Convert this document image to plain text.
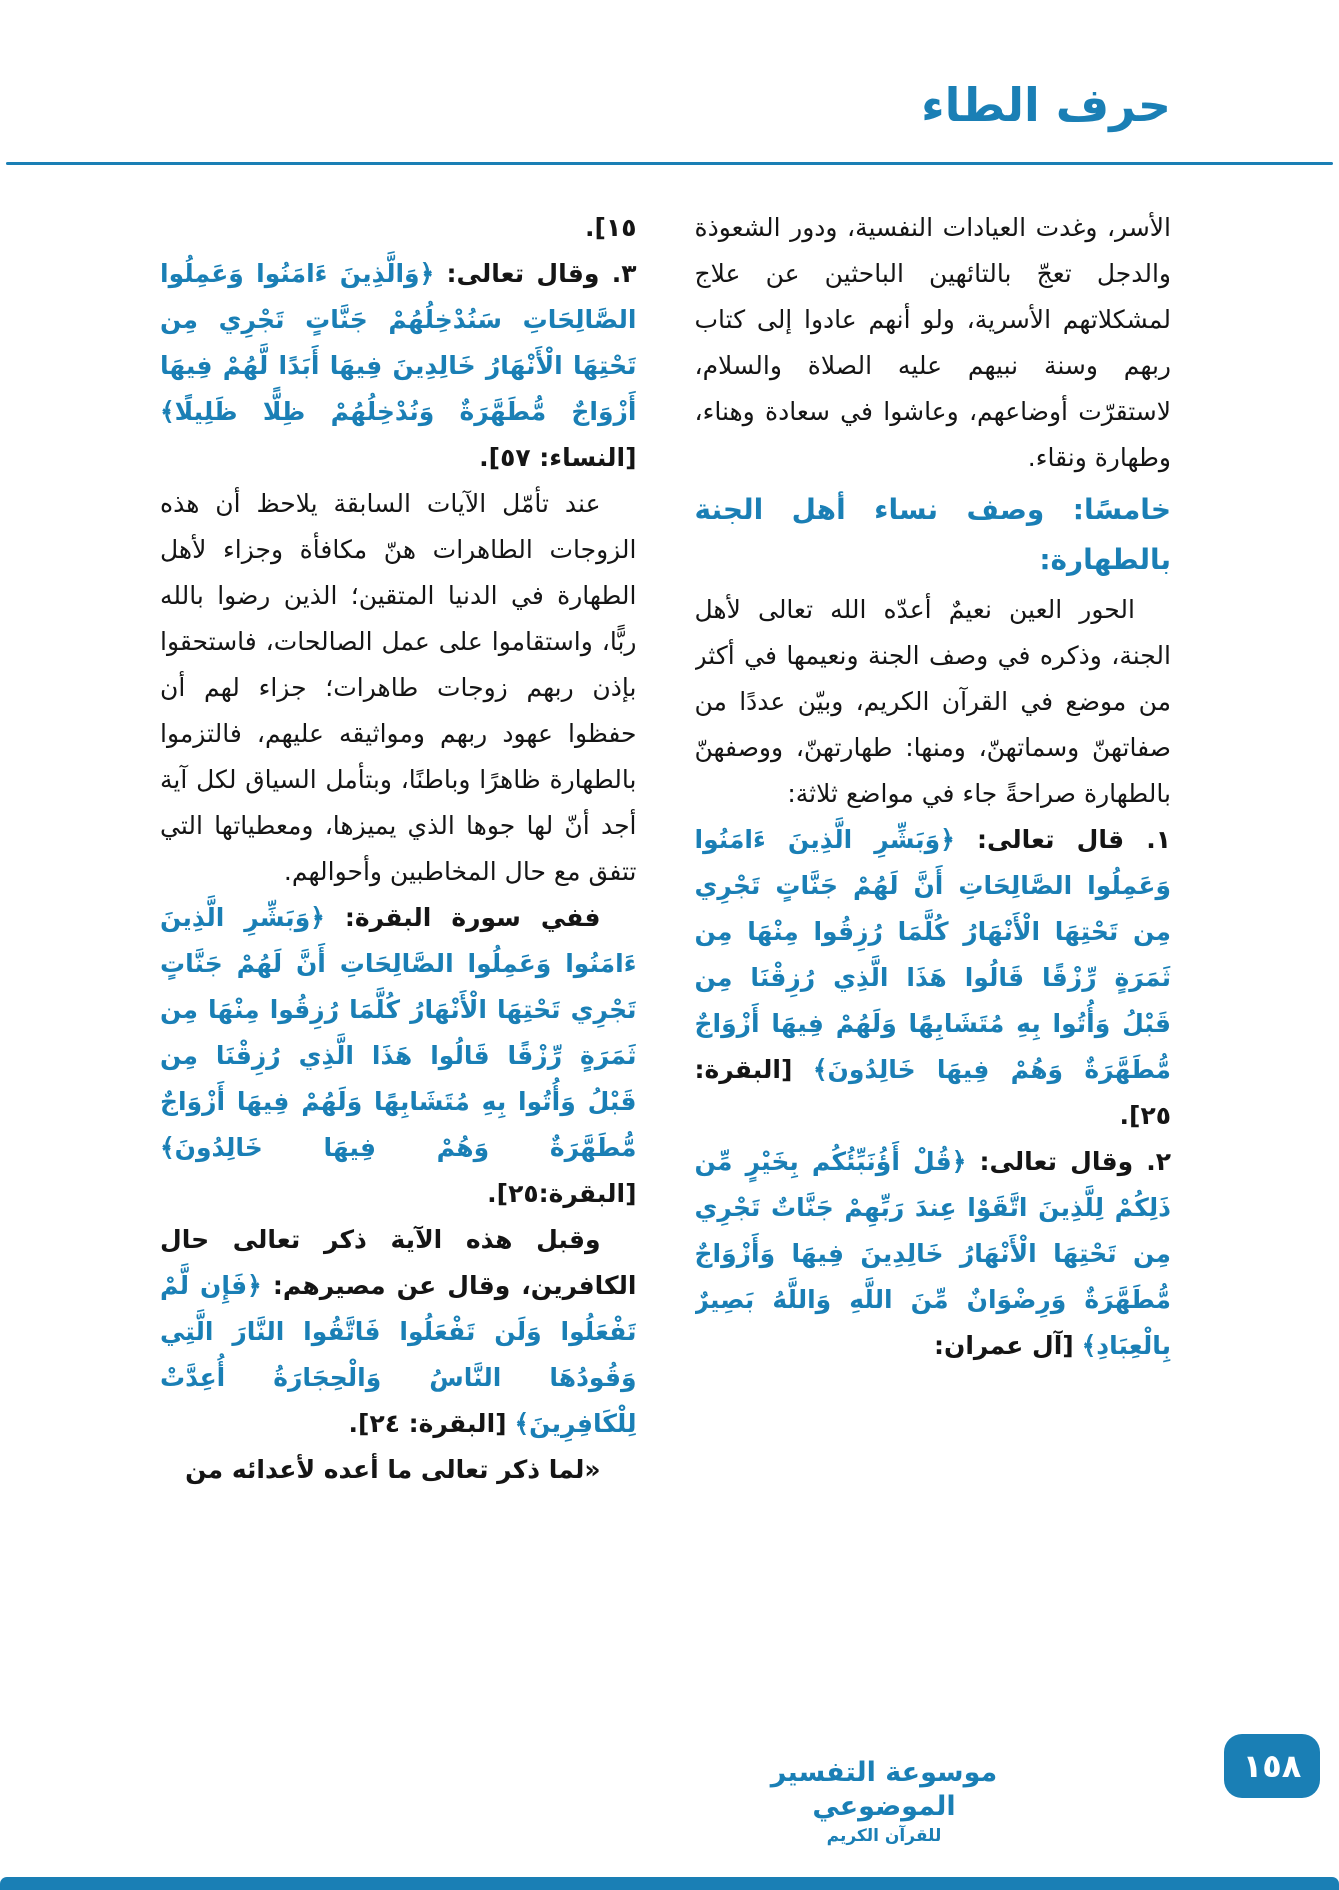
حرف الطاء

الأسر، وغدت العيادات النفسية، ودور الشعوذة والدجل تعجّ بالتائهين الباحثين عن علاج لمشكلاتهم الأسرية، ولو أنهم عادوا إلى كتاب ربهم وسنة نبيهم عليه الصلاة والسلام، لاستقرّت أوضاعهم، وعاشوا في سعادة وهناء، وطهارة ونقاء.

خامسًا: وصف نساء أهل الجنة بالطهارة:

الحور العين نعيمٌ أعدّه الله تعالى لأهل الجنة، وذكره في وصف الجنة ونعيمها في أكثر من موضع في القرآن الكريم، وبيّن عددًا من صفاتهنّ وسماتهنّ، ومنها: طهارتهنّ، ووصفهنّ بالطهارة صراحةً جاء في مواضع ثلاثة:

١. قال تعالى: ﴿وَبَشِّرِ الَّذِينَ ءَامَنُوا وَعَمِلُوا الصَّالِحَاتِ أَنَّ لَهُمْ جَنَّاتٍ تَجْرِي مِن تَحْتِهَا الْأَنْهَارُ كُلَّمَا رُزِقُوا مِنْهَا مِن ثَمَرَةٍ رِّزْقًا قَالُوا هَذَا الَّذِي رُزِقْنَا مِن قَبْلُ وَأُتُوا بِهِ مُتَشَابِهًا وَلَهُمْ فِيهَا أَزْوَاجٌ مُّطَهَّرَةٌ وَهُمْ فِيهَا خَالِدُونَ﴾ [البقرة: ٢٥].

٢. وقال تعالى: ﴿قُلْ أَؤُنَبِّئُكُم بِخَيْرٍ مِّن ذَلِكُمْ لِلَّذِينَ اتَّقَوْا عِندَ رَبِّهِمْ جَنَّاتٌ تَجْرِي مِن تَحْتِهَا الْأَنْهَارُ خَالِدِينَ فِيهَا وَأَزْوَاجٌ مُّطَهَّرَةٌ وَرِضْوَانٌ مِّنَ اللَّهِ وَاللَّهُ بَصِيرٌ بِالْعِبَادِ﴾ [آل عمران:

١٥].

٣. وقال تعالى: ﴿وَالَّذِينَ ءَامَنُوا وَعَمِلُوا الصَّالِحَاتِ سَنُدْخِلُهُمْ جَنَّاتٍ تَجْرِي مِن تَحْتِهَا الْأَنْهَارُ خَالِدِينَ فِيهَا أَبَدًا لَّهُمْ فِيهَا أَزْوَاجٌ مُّطَهَّرَةٌ وَنُدْخِلُهُمْ ظِلًّا ظَلِيلًا﴾ [النساء: ٥٧].

عند تأمّل الآيات السابقة يلاحظ أن هذه الزوجات الطاهرات هنّ مكافأة وجزاء لأهل الطهارة في الدنيا المتقين؛ الذين رضوا بالله ربًّا، واستقاموا على عمل الصالحات، فاستحقوا بإذن ربهم زوجات طاهرات؛ جزاء لهم أن حفظوا عهود ربهم ومواثيقه عليهم، فالتزموا بالطهارة ظاهرًا وباطنًا، وبتأمل السياق لكل آية أجد أنّ لها جوها الذي يميزها، ومعطياتها التي تتفق مع حال المخاطبين وأحوالهم.

ففي سورة البقرة: ﴿وَبَشِّرِ الَّذِينَ ءَامَنُوا وَعَمِلُوا الصَّالِحَاتِ أَنَّ لَهُمْ جَنَّاتٍ تَجْرِي تَحْتِهَا الْأَنْهَارُ كُلَّمَا رُزِقُوا مِنْهَا مِن ثَمَرَةٍ رِّزْقًا قَالُوا هَذَا الَّذِي رُزِقْنَا مِن قَبْلُ وَأُتُوا بِهِ مُتَشَابِهًا وَلَهُمْ فِيهَا أَزْوَاجٌ مُّطَهَّرَةٌ وَهُمْ فِيهَا خَالِدُونَ﴾ [البقرة:٢٥].

وقبل هذه الآية ذكر تعالى حال الكافرين، وقال عن مصيرهم: ﴿فَإِن لَّمْ تَفْعَلُوا وَلَن تَفْعَلُوا فَاتَّقُوا النَّارَ الَّتِي وَقُودُهَا النَّاسُ وَالْحِجَارَةُ أُعِدَّتْ لِلْكَافِرِينَ﴾ [البقرة: ٢٤].

«لما ذكر تعالى ما أعده لأعدائه من

موسوعة التفسير الموضوعي
للقرآن الكريم
١٥٨
